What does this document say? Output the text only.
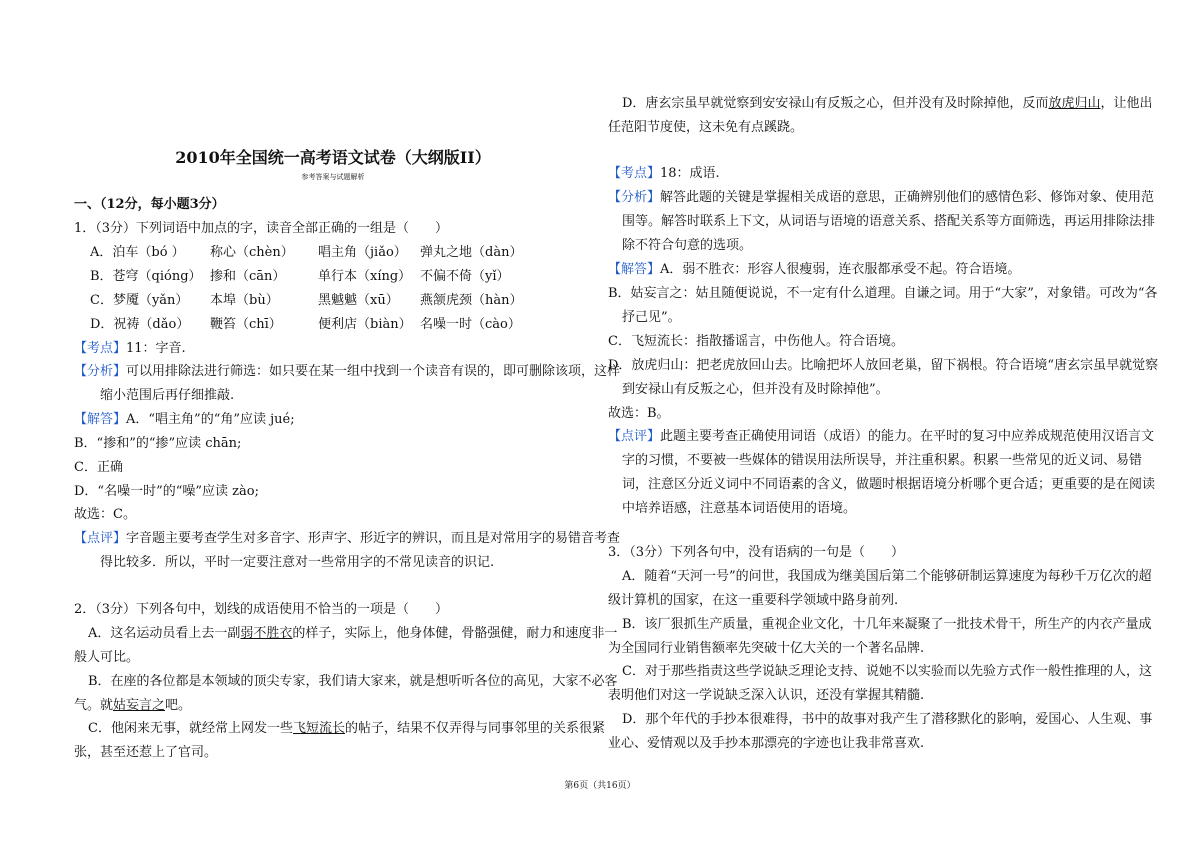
2010年全国统一高考语文试卷（大纲版II）
参考答案与试题解析
一、（12分，每小题3分）
1．（3分）下列词语中加点的字，读音全部正确的一组是（　　）
A．泊车（bó ） 称心（chèn） 唱主角（jiǎo） 弹丸之地（dàn）
B．苍穹（qióng） 掺和（cān）	单行本（xíng） 不偏不倚（yǐ）
C．梦魇（yǎn） 本埠（bù）	黑魆魆（xū） 燕颔虎颈（hàn）
D．祝祷（dǎo） 鞭笞（chī）	便利店（biàn） 名噪一时（cào）
【考点】11：字音.
【分析】可以用排除法进行筛选：如只要在某一组中找到一个读音有误的，即可删除该项，这样
缩小范围后再仔细推敲.
【解答】A．“唱主角”的“角”应读 jué;
B．“掺和”的“掺”应读 chān;
C．正确
D．“名噪一时”的“噪”应读 zào;
故选：C。
【点评】字音题主要考查学生对多音字、形声字、形近字的辨识，而且是对常用字的易错音考查
得比较多．所以，平时一定要注意对一些常用字的不常见读音的识记.
2．（3分）下列各句中，划线的成语使用不恰当的一项是（　　）
A．这名运动员看上去一副弱不胜衣的样子，实际上，他身体健，骨骼强健，耐力和速度非一
般人可比。
B．在座的各位都是本领域的顶尖专家，我们请大家来，就是想听听各位的高见，大家不必客
气。就姑妄言之吧。
C．他闲来无事，就经常上网发一些飞短流长的帖子，结果不仅弄得与同事邻里的关系很紧
张，甚至还惹上了官司。
D．唐玄宗虽早就觉察到安安禄山有反叛之心，但并没有及时除掉他，反而放虎归山，让他出
任范阳节度使，这未免有点蹊跷。
【考点】18：成语.
【分析】解答此题的关键是掌握相关成语的意思，正确辨别他们的感情色彩、修饰对象、使用范
围等。解答时联系上下文，从词语与语境的语意关系、搭配关系等方面筛选，再运用排除法排
除不符合句意的选项。
【解答】A．弱不胜衣：形容人很瘦弱，连衣服都承受不起。符合语境。
B．姑妄言之：姑且随便说说，不一定有什么道理。自谦之词。用于“大家”，对象错。可改为“各
抒己见”。
C．飞短流长：指散播谣言，中伤他人。符合语境。
D．放虎归山：把老虎放回山去。比喻把坏人放回老巢，留下祸根。符合语境“唐玄宗虽早就觉察
到安禄山有反叛之心，但并没有及时除掉他”。
故选：B。
【点评】此题主要考查正确使用词语（成语）的能力。在平时的复习中应养成规范使用汉语言文
字的习惯，不要被一些媒体的错误用法所误导，并注重积累。积累一些常见的近义词、易错
词，注意区分近义词中不同语素的含义，做题时根据语境分析哪个更合适；更重要的是在阅读
中培养语感，注意基本词语使用的语境。
3．（3分）下列各句中，没有语病的一句是（　　）
A．随着“天河一号”的问世，我国成为继美国后第二个能够研制运算速度为每秒千万亿次的超
级计算机的国家，在这一重要科学领域中路身前列.
B．该厂狠抓生产质量，重视企业文化，十几年来凝聚了一批技术骨干，所生产的内衣产量成
为全国同行业销售额率先突破十亿大关的一个著名品牌.
C．对于那些指责这些学说缺乏理论支持、说她不以实验而以先验方式作一般性推理的人，这
表明他们对这一学说缺乏深入认识，还没有掌握其精髓.
D．那个年代的手抄本很难得，书中的故事对我产生了潜移默化的影响，爱国心、人生观、事
业心、爱情观以及手抄本那漂亮的字迹也让我非常喜欢.
第6页（共16页）
